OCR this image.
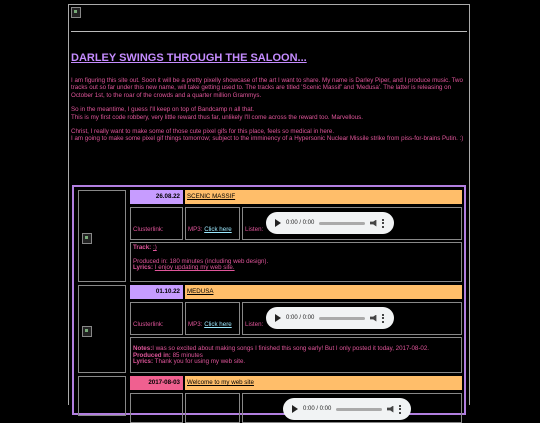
DARLEY SWINGS THROUGH THE SALOON...

I am figuring this site out. Soon it will be a pretty pixelly showcase of the art I want to share. My name is Darley Piper, and I produce music. Two tracks out so far under this new name, will take getting used to. The tracks are titled 'Scenic Massif' and 'Medusa'. The latter is releasing on October 1st, to the roar of the crowds and a quarter million Grammys.

So in the meantime, I guess I'll keep on top of Bandcamp n all that.
This is my first code robbery, very little reward thus far, unlikely I'll come across the reward too. Marvellous.

Christ, I really want to make some of those cute pixel gifs for this place, feels so medical in here.
I am going to make some pixel gif things tomorrow; subject to the imminency of a Hypersonic Nuclear Missile strike from piss-for-brains Putin. :)

26.08.22	SCENIC MASSIF
Clusterlink:	MP3: Click here Listen:
0:00 / 0:00
Track: :)
Produced in: 180 minutes (including web design).
Lyrics: I enjoy updating my web site.
01.10.22	MEDUSA
Clusterlink:	MP3: Click here Listen:
0:00 / 0:00
Notes:I was so excited about making songs I finished this song early! But I only posted it today, 2017-08-02.
Produced in: 85 minutes
Lyrics: Thank you for using my web site.
2017-08-03	Welcome to my web site
0:00 / 0:00
